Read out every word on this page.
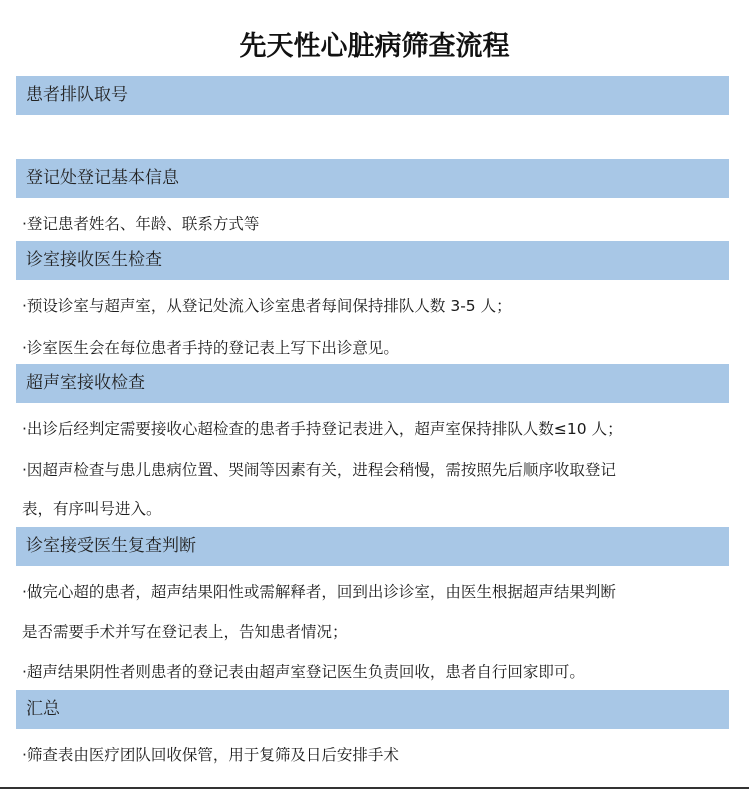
先天性心脏病筛查流程
患者排队取号
登记处登记基本信息
·登记患者姓名、年龄、联系方式等
诊室接收医生检查
·预设诊室与超声室，从登记处流入诊室患者每间保持排队人数 3-5 人；
·诊室医生会在每位患者手持的登记表上写下出诊意见。
超声室接收检查
·出诊后经判定需要接收心超检查的患者手持登记表进入，超声室保持排队人数≤10 人；
·因超声检查与患儿患病位置、哭闹等因素有关，进程会稍慢，需按照先后顺序收取登记
表，有序叫号进入。
诊室接受医生复查判断
·做完心超的患者，超声结果阳性或需解释者，回到出诊诊室，由医生根据超声结果判断
是否需要手术并写在登记表上，告知患者情况；
·超声结果阴性者则患者的登记表由超声室登记医生负责回收，患者自行回家即可。
汇总
·筛查表由医疗团队回收保管，用于复筛及日后安排手术
